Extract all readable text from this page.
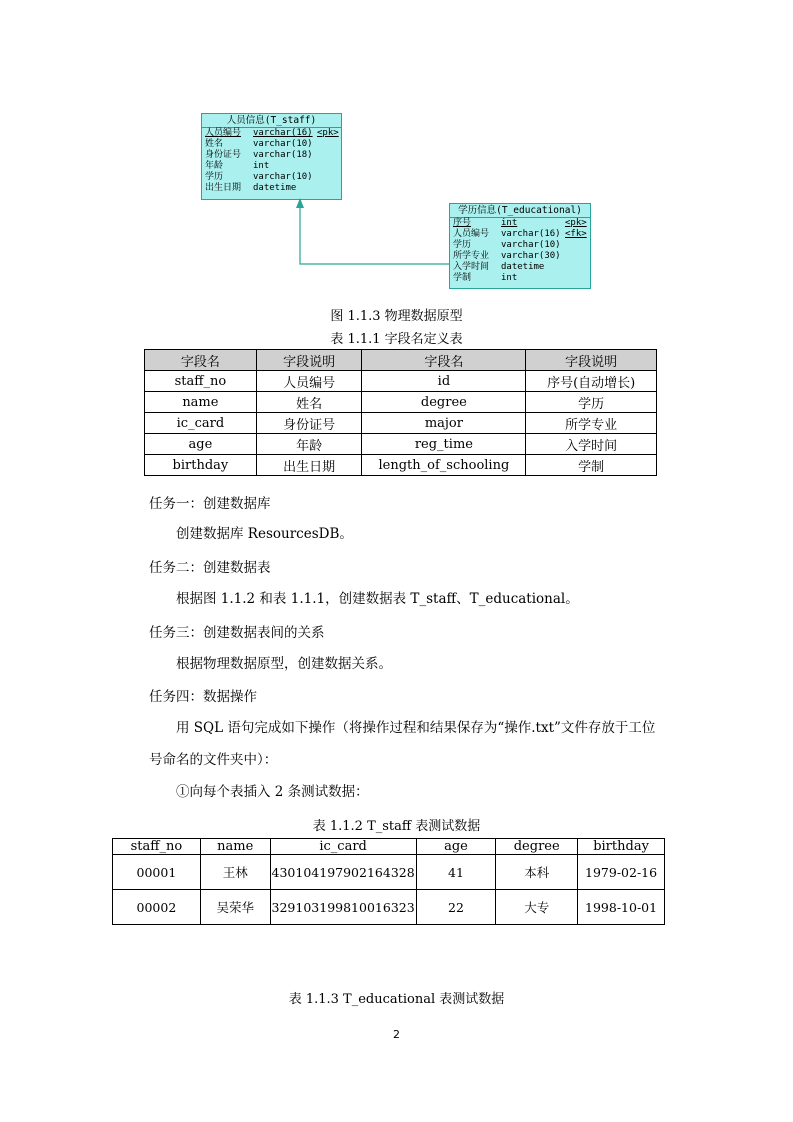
人员信息(T_staff)
人员编号	varchar(16) <pk>
姓名	varchar(10)
身份证号	varchar(18)
年龄	int
学历	varchar(10)
出生日期	datetime
学历信息(T_educational)
序号	int	<pk>
人员编号	varchar(16) <fk>
学历	varchar(10)
所学专业	varchar(30)
入学时间	datetime
学制	int
图 1.1.3 物理数据原型
表 1.1.1 字段名定义表
字段名	字段说明	字段名	字段说明
staff_no	人员编号	id	序号(自动增长)
name	姓名	degree	学历
ic_card	身份证号	major	所学专业
age	年龄	reg_time	入学时间
birthday	出生日期	length_of_schooling	学制
任务一：创建数据库
创建数据库 ResourcesDB。
任务二：创建数据表
根据图 1.1.2 和表 1.1.1，创建数据表 T_staff、T_educational。
任务三：创建数据表间的关系
根据物理数据原型，创建数据关系。
任务四：数据操作
用 SQL 语句完成如下操作（将操作过程和结果保存为“操作.txt”文件存放于工位
号命名的文件夹中）：
①向每个表插入 2 条测试数据：
表 1.1.2 T_staff 表测试数据
staff_no	name	ic_card	age	degree	birthday
00001	王林	430104197902164328	41	本科	1979-02-16
00002	吴荣华	329103199810016323	22	大专	1998-10-01
表 1.1.3 T_educational 表测试数据
2
